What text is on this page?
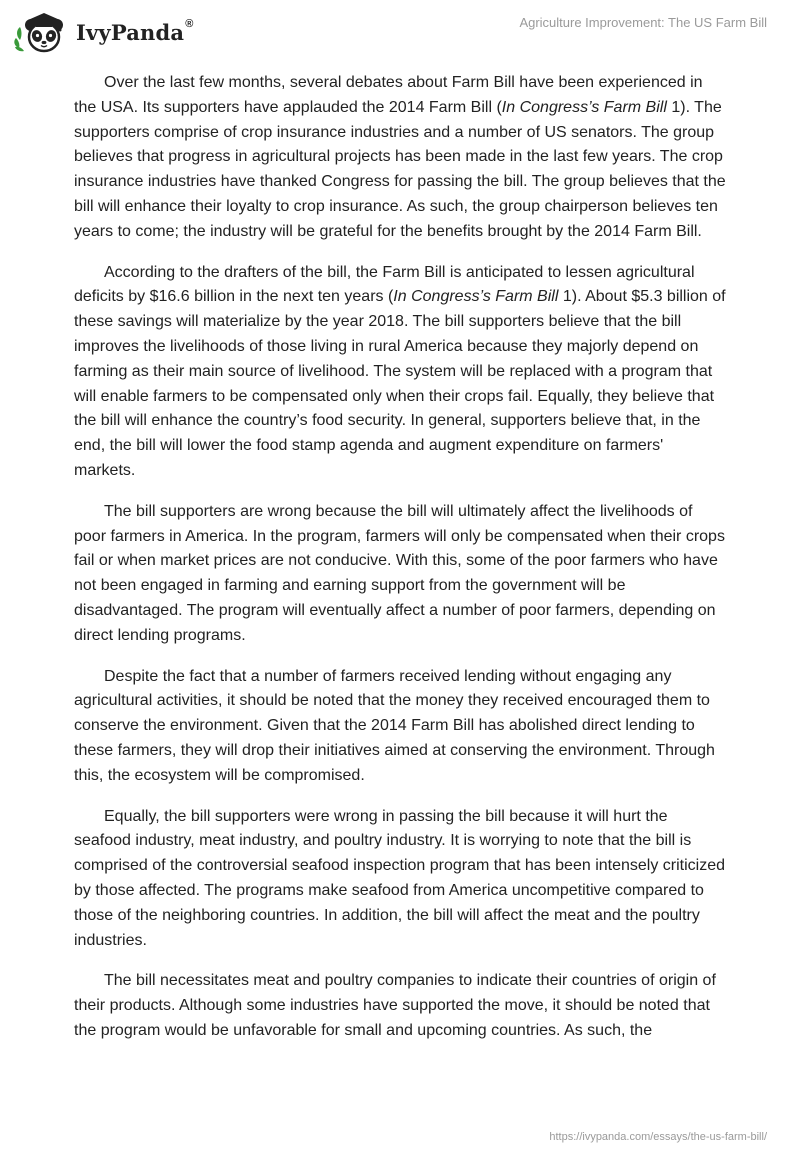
IvyPanda®	Agriculture Improvement: The US Farm Bill

Over the last few months, several debates about Farm Bill have been experienced in the USA. Its supporters have applauded the 2014 Farm Bill (In Congress’s Farm Bill 1). The supporters comprise of crop insurance industries and a number of US senators. The group believes that progress in agricultural projects has been made in the last few years. The crop insurance industries have thanked Congress for passing the bill. The group believes that the bill will enhance their loyalty to crop insurance. As such, the group chairperson believes ten years to come; the industry will be grateful for the benefits brought by the 2014 Farm Bill.

According to the drafters of the bill, the Farm Bill is anticipated to lessen agricultural deficits by $16.6 billion in the next ten years (In Congress’s Farm Bill 1). About $5.3 billion of these savings will materialize by the year 2018. The bill supporters believe that the bill improves the livelihoods of those living in rural America because they majorly depend on farming as their main source of livelihood. The system will be replaced with a program that will enable farmers to be compensated only when their crops fail. Equally, they believe that the bill will enhance the country’s food security. In general, supporters believe that, in the end, the bill will lower the food stamp agenda and augment expenditure on farmers' markets.

The bill supporters are wrong because the bill will ultimately affect the livelihoods of poor farmers in America. In the program, farmers will only be compensated when their crops fail or when market prices are not conducive. With this, some of the poor farmers who have not been engaged in farming and earning support from the government will be disadvantaged. The program will eventually affect a number of poor farmers, depending on direct lending programs.

Despite the fact that a number of farmers received lending without engaging any agricultural activities, it should be noted that the money they received encouraged them to conserve the environment. Given that the 2014 Farm Bill has abolished direct lending to these farmers, they will drop their initiatives aimed at conserving the environment. Through this, the ecosystem will be compromised.

Equally, the bill supporters were wrong in passing the bill because it will hurt the seafood industry, meat industry, and poultry industry. It is worrying to note that the bill is comprised of the controversial seafood inspection program that has been intensely criticized by those affected. The programs make seafood from America uncompetitive compared to those of the neighboring countries. In addition, the bill will affect the meat and the poultry industries.

The bill necessitates meat and poultry companies to indicate their countries of origin of their products. Although some industries have supported the move, it should be noted that the program would be unfavorable for small and upcoming countries. As such, the

https://ivypanda.com/essays/the-us-farm-bill/
